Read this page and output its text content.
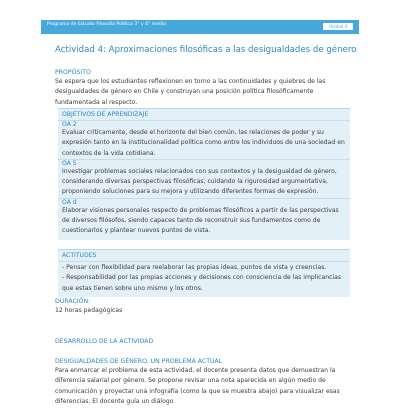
Programa de Estudio Filosofía Política 3° y 4° medio	Unidad 4
Actividad 4: Aproximaciones filosóficas a las desigualdades de género
PROPÓSITO
Se espera que los estudiantes reflexionen en torno a las continuidades y quiebres de las desigualdades de género en Chile y construyan una posición política filosóficamente fundamentada al respecto.
OBJETIVOS DE APRENDIZAJE
OA 2
Evaluar críticamente, desde el horizonte del bien común, las relaciones de poder y su expresión tanto en la institucionalidad política como entre los individuos de una sociedad en contextos de la vida cotidiana.
OA 5
Investigar problemas sociales relacionados con sus contextos y la desigualdad de género, considerando diversas perspectivas filosóficas, cuidando la rigurosidad argumentativa, proponiendo soluciones para su mejora y utilizando diferentes formas de expresión.
OA d
Elaborar visiones personales respecto de problemas filosóficos a partir de las perspectivas de diversos filósofos, siendo capaces tanto de reconstruir sus fundamentos como de cuestionarlos y plantear nuevos puntos de vista.
ACTITUDES
- Pensar con flexibilidad para reelaborar las propias ideas, puntos de vista y creencias.
- Responsabilidad por las propias acciones y decisiones con consciencia de las implicancias que estas tienen sobre uno mismo y los otros.
DURACIÓN:
12 horas pedagógicas
DESARROLLO DE LA ACTIVIDAD
DESIGUALDADES DE GÉNERO. UN PROBLEMA ACTUAL
Para enmarcar el problema de esta actividad, el docente presenta datos que demuestran la diferencia salarial por género. Se propone revisar una nota aparecida en algún medio de comunicación y proyectar una infografía (como la que se muestra abajo) para visualizar esas diferencias. El docente guía un diálogo
